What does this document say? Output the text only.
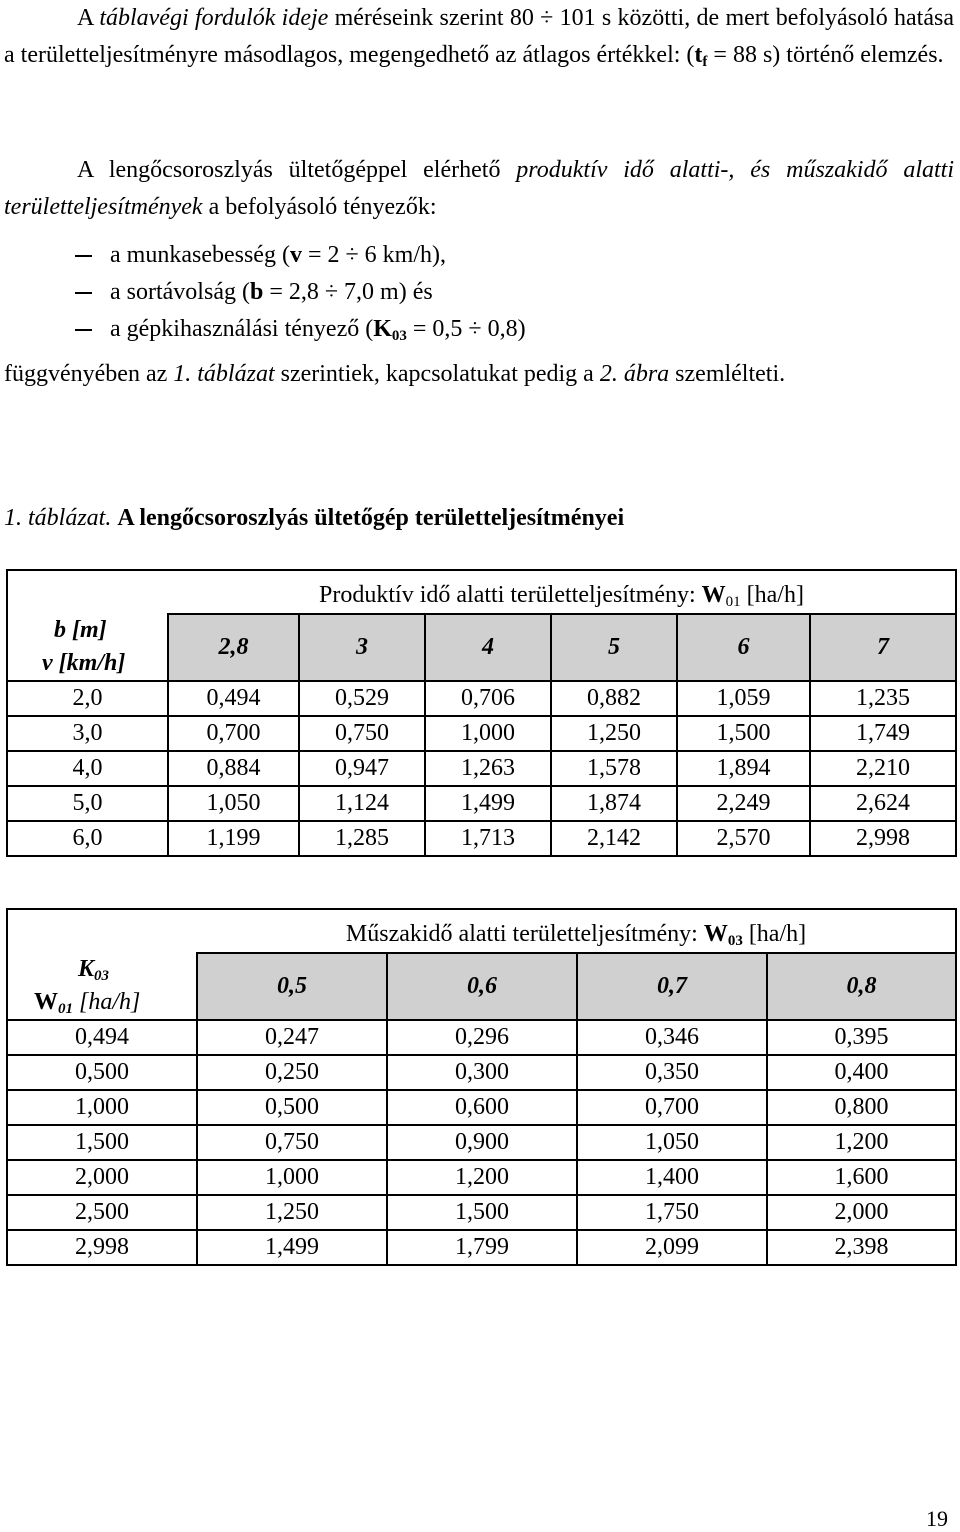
A táblavégi fordulók ideje méréseink szerint 80 ÷ 101 s közötti, de mert befolyásoló hatása a területteljesítményre másodlagos, megengedhető az átlagos értékkel: ($t_f = 88$ s) történő elemzés.

A lengőcsoroszlyás ültetőgéppel elérhető produktív idő alatti-, és műszakidő alatti területteljesítmények a befolyásoló tényezők:

a munkasebesség (v = 2 ÷ 6 km/h),
a sortávolság (b = 2,8 ÷ 7,0 m) és
a gépkihasználási tényező $(K_{03} = 0,5 \div 0,8)$

függvényében az 1. táblázat szerintiek, kapcsolatukat pedig a 2. ábra szemlélteti.

1. táblázat. A lengőcsoroszlyás ültetőgép területteljesítményei
	Produktív idő alatti területteljesítmény: $W_{01}$ [ha/h]					
b [m]	2,8	3	4	5	6	7
v [km/h]						
2,0	0,494	0,529	0,706	0,882	1,059	1,235
3,0	0,700	0,750	1,000	1,250	1,500	1,749
4,0	0,884	0,947	1,263	1,578	1,894	2,210
5,0	1,050	1,124	1,499	1,874	2,249	2,624
6,0	1,199	1,285	1,713	2,142	2,570	2,998
	Műszakidő alatti területteljesítmény: $W_{03}$ [ha/h]			
$K_{03}$	0,5	0,6	0,7	0,8
$W_{01}$ [ha/h]				
0,494	0,247	0,296	0,346	0,395
0,500	0,250	0,300	0,350	0,400
1,000	0,500	0,600	0,700	0,800
1,500	0,750	0,900	1,050	1,200
2,000	1,000	1,200	1,400	1,600
2,500	1,250	1,500	1,750	2,000
2,998	1,499	1,799	2,099	2,398
19
